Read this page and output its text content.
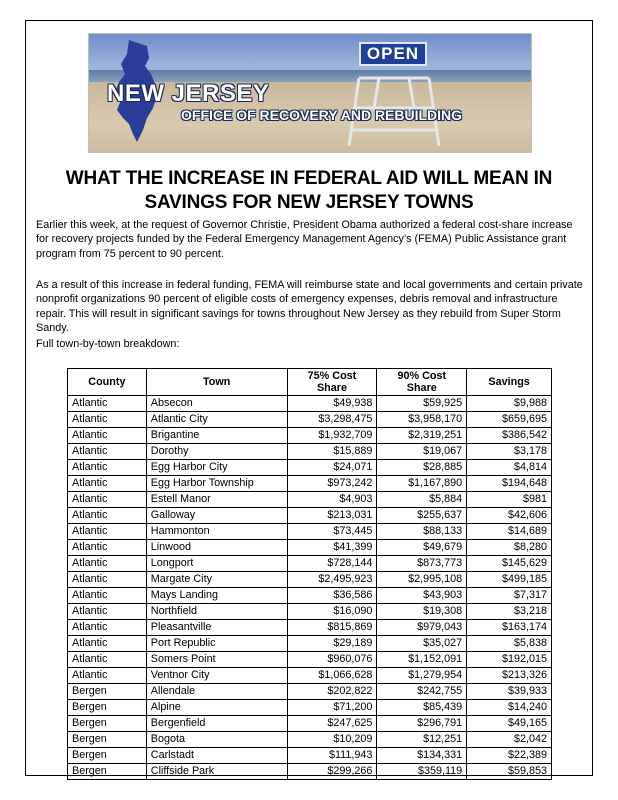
OPEN
NEW JERSEY
OFFICE OF RECOVERY AND REBUILDING
WHAT THE INCREASE IN FEDERAL AID WILL MEAN IN
SAVINGS FOR NEW JERSEY TOWNS
Earlier this week, at the request of Governor Christie, President Obama authorized a federal cost-share increase for recovery projects funded by the Federal Emergency Management Agency’s (FEMA) Public Assistance grant program from 75 percent to 90 percent.
As a result of this increase in federal funding, FEMA will reimburse state and local governments and certain private nonprofit organizations 90 percent of eligible costs of emergency expenses, debris removal and infrastructure repair. This will result in significant savings for towns throughout New Jersey as they rebuild from Super Storm Sandy.
Full town-by-town breakdown:
County	Town	75% Cost Share	90% Cost Share	Savings
Atlantic	Absecon	$49,938	$59,925	$9,988
Atlantic	Atlantic City	$3,298,475	$3,958,170	$659,695
Atlantic	Brigantine	$1,932,709	$2,319,251	$386,542
Atlantic	Dorothy	$15,889	$19,067	$3,178
Atlantic	Egg Harbor City	$24,071	$28,885	$4,814
Atlantic	Egg Harbor Township	$973,242	$1,167,890	$194,648
Atlantic	Estell Manor	$4,903	$5,884	$981
Atlantic	Galloway	$213,031	$255,637	$42,606
Atlantic	Hammonton	$73,445	$88,133	$14,689
Atlantic	Linwood	$41,399	$49,679	$8,280
Atlantic	Longport	$728,144	$873,773	$145,629
Atlantic	Margate City	$2,495,923	$2,995,108	$499,185
Atlantic	Mays Landing	$36,586	$43,903	$7,317
Atlantic	Northfield	$16,090	$19,308	$3,218
Atlantic	Pleasantville	$815,869	$979,043	$163,174
Atlantic	Port Republic	$29,189	$35,027	$5,838
Atlantic	Somers Point	$960,076	$1,152,091	$192,015
Atlantic	Ventnor City	$1,066,628	$1,279,954	$213,326
Bergen	Allendale	$202,822	$242,755	$39,933
Bergen	Alpine	$71,200	$85,439	$14,240
Bergen	Bergenfield	$247,625	$296,791	$49,165
Bergen	Bogota	$10,209	$12,251	$2,042
Bergen	Carlstadt	$111,943	$134,331	$22,389
Bergen	Cliffside Park	$299,266	$359,119	$59,853
